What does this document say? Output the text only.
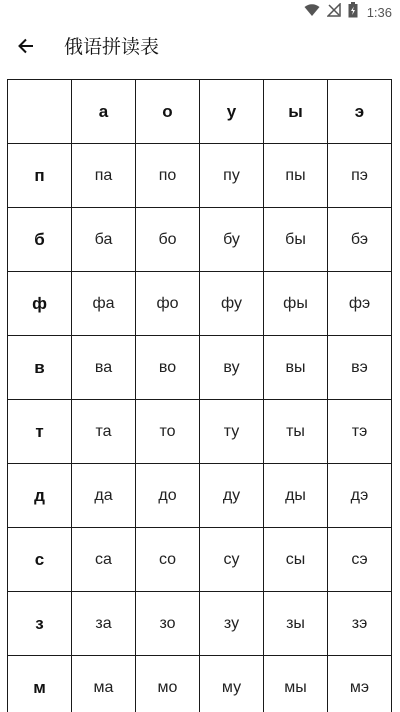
1:36
俄语拼读表
	а	о	у	ы	э
п	па	по	пу	пы	пэ
б	ба	бо	бу	бы	бэ
ф	фа	фо	фу	фы	фэ
в	ва	во	ву	вы	вэ
т	та	то	ту	ты	тэ
д	да	до	ду	ды	дэ
с	са	со	су	сы	сэ
з	за	зо	зу	зы	зэ
м	ма	мо	му	мы	мэ
